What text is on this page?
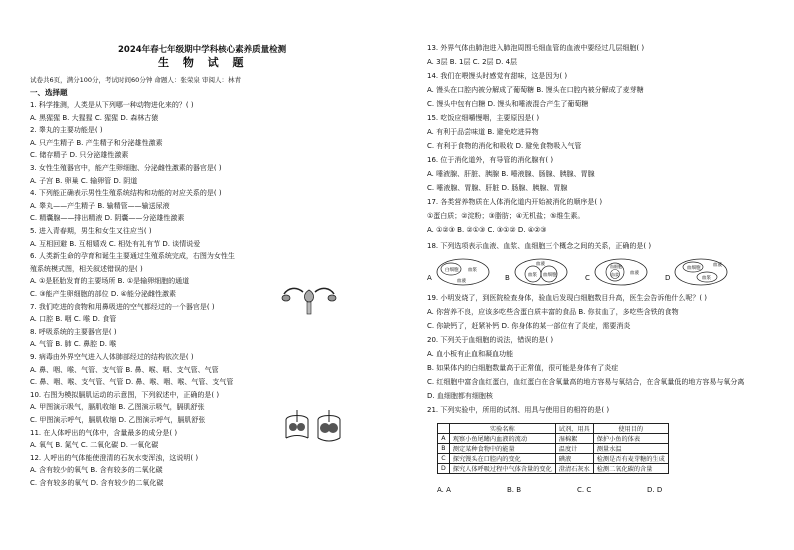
2024年春七年级期中学科核心素养质量检测
生 物 试 题
试卷共6页，满分100分，考试时间60分钟 命题人：张荣泉 审阅人：林青
一、选择题
1. 科学推测，人类是从下列哪一种动物进化来的？( )
A. 黑猩猩 B. 大猩猩 C. 猩猩 D. 森林古猿
2. 睾丸的主要功能是( )
A. 只产生精子 B. 产生精子和分泌雄性激素
C. 储存精子 D. 只分泌雄性激素
3. 女性生殖器官中，能产生卵细胞、分泌雌性激素的器官是( )
A. 子宫 B. 卵巢 C. 输卵管 D. 阴道
4. 下列能正确表示男性生殖系统结构和功能的对应关系的是( )
A. 睾丸——产生精子 B. 输精管——输送尿液
C. 精囊腺——排出精液 D. 阴囊——分泌雄性激素
5. 进入青春期，男生和女生又往应当( )
A. 互相回避 B. 互相嬉戏 C. 相处有礼有节 D. 谈情说爱
6. 人类新生命的孕育和诞生主要通过生殖系统完成，右图为女性生
殖系统模式图，相关叙述错误的是( )
A. ①是胚胎发育的主要场所 B. ①是输卵细胞的通道
C. ③能产生卵细胞的部位 D. ④能分泌雌性激素
7. 我们吃进的食物和用鼻吸进的空气都经过的一个器官是( )
A. 口腔 B. 咽 C. 喉 D. 食管
8. 呼吸系统的主要器官是( )
A. 气管 B. 肺 C. 鼻腔 D. 喉
9. 病毒由外界空气进入人体肺部经过的结构依次是( )
A. 鼻、咽、喉、气管、支气管 B. 鼻、喉、咽、支气管、气管
C. 鼻、咽、喉、支气管、气管 D. 鼻、喉、咽、喉、气管、支气管
10. 右图为模拟膈肌运动的示意图，下列叙述中，正确的是( )
A. 甲图演示吸气，膈肌收缩 B. 乙图演示吸气，膈肌舒张
C. 甲图演示呼气，膈肌收缩 D. 乙图演示呼气，膈肌舒张
11. 在人体呼出的气体中，含量最多的成分是( )
A. 氧气 B. 氮气 C. 二氧化碳 D. 一氧化碳
12. 人呼出的气体能使澄清的石灰水变浑浊，这说明( )
A. 含有较少的氧气 B. 含有较多的二氧化碳
C. 含有较多的氧气 D. 含有较少的二氧化碳
13. 外界气体由肺泡进入肺泡周围毛细血管的血液中要经过几层细胞( )
A. 3层 B. 1层 C. 2层 D. 4层
14. 我们在喂馒头时感觉有甜味，这是因为( )
A. 馒头在口腔内被分解成了葡萄糖 B. 馒头在口腔内被分解成了麦芽糖
C. 馒头中包有白糖 D. 馒头和唾液混合产生了葡萄糖
15. 吃饭应细嚼慢咽，主要原因是( )
A. 有利于品尝味道 B. 避免吃进异物
C. 有利于食物的消化和吸收 D. 避免食物吸入气管
16. 位于消化道外，有导管的消化腺有( )
A. 唾液腺、肝脏、胰腺 B. 唾液腺、肠腺、胰腺、胃腺
C. 唾液腺、胃腺、肝脏 D. 肠腺、胰腺、胃腺
17. 各类营养物质在人体消化道内开始被消化的顺序是( )
①蛋白质；②淀粉；③脂肪；④无机盐；⑤维生素。
A. ①②③ B. ②①③ C. ③①② D. ④②③
18. 下列选项表示血液、血浆、血细胞三个概念之间的关系，正确的是( )
19. 小明发烧了，到医院检查身体，验血后发现白细胞数目升高，医生会告诉他什么呢？( )
A. 你营养不良，应该多吃些含蛋白质丰富的食品 B. 你贫血了，多吃些含铁的食物
C. 你缺钙了，赶紧补钙 D. 你身体的某一部位有了炎症，需要消炎
20. 下列关于血细胞的说法，错误的是( )
A. 血小板有止血和凝血功能
B. 如果体内的白细胞数量高于正常值，很可能是身体有了炎症
C. 红细胞中富含血红蛋白，血红蛋白在含氧量高的地方容易与氧结合，在含氧量低的地方容易与氧分离
D. 血细胞都有细胞核
21. 下列实验中，所用的试剂、用具与使用目的相符的是( )
A
白细胞 血浆
血液	B
血液
血浆 血细胞	C
血液
血细胞
血浆	D
血细胞
血浆
血液
	实验名称	试剂、用具	使用目的
A	观察小鱼尾鳍内血液的流动	湿棉絮	保护小鱼的体表
B	测定某种食物中的能量	温度计	测量水温
C	探究馒头在口腔内的变化	碘液	检测是否有麦芽糖的生成
D	探究人体呼吸过程中气体含量的变化	澄清石灰水	检测二氧化碳的含量
A. A	B. B	C. C	D. D
